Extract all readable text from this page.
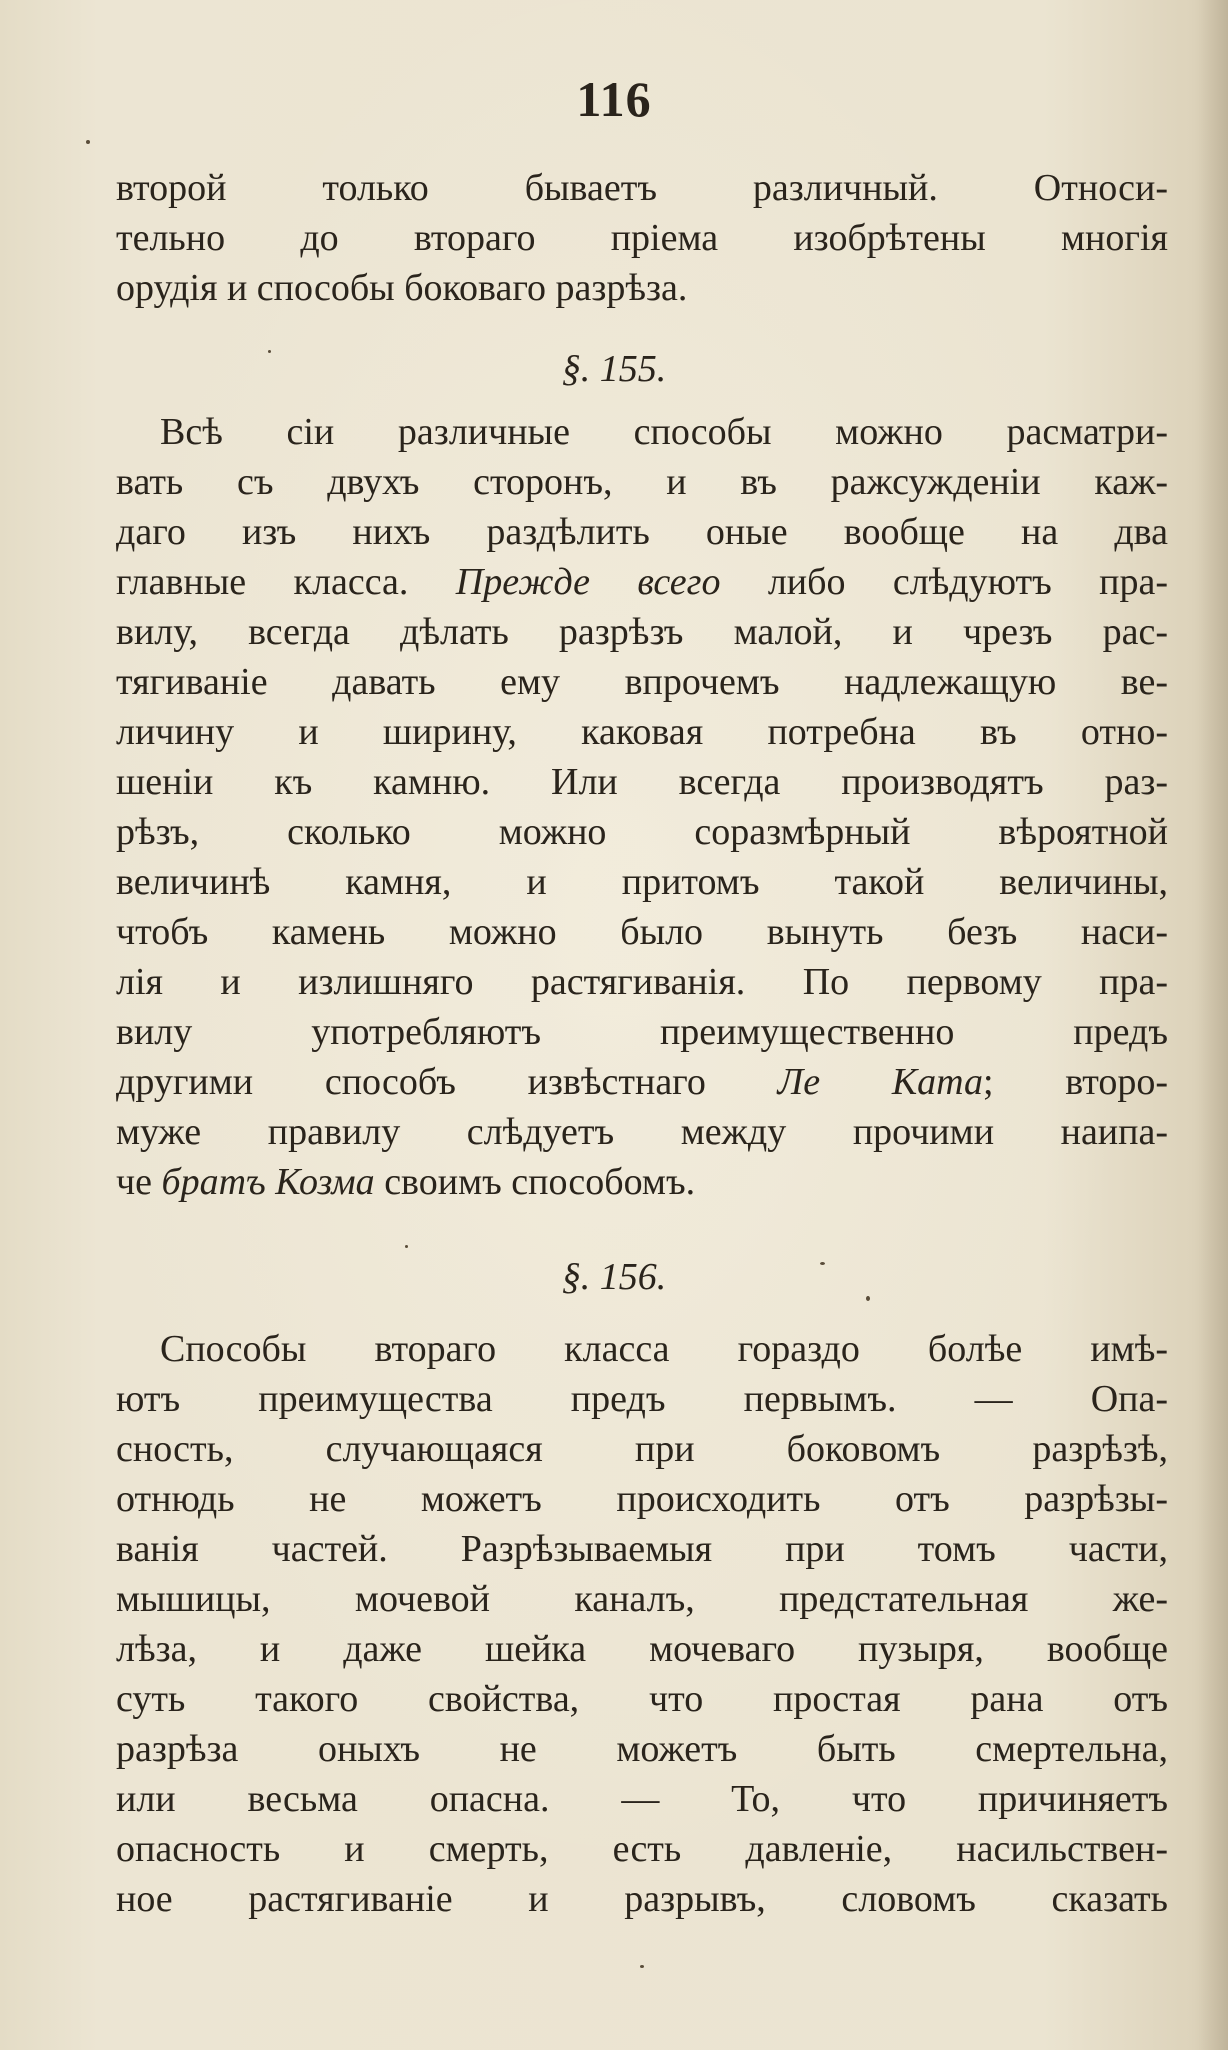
116
второй только бываетъ различный. Относи-
тельно до втораго прiема изобрѣтены многiя
орудiя и способы боковаго разрѣза.
§. 155.
Всѣ сiи различные способы можно расматри-
вать съ двухъ сторонъ, и въ ражсужденiи каж-
даго изъ нихъ раздѣлить оные вообще на два
главные класса. Прежде всего либо слѣдуютъ пра-
вилу, всегда дѣлать разрѣзъ малой, и чрезъ рас-
тягиванiе давать ему впрочемъ надлежащую ве-
личину и ширину, каковая потребна въ отно-
шенiи къ камню. Или всегда производятъ раз-
рѣзъ, сколько можно соразмѣрный вѣроятной
величинѣ камня, и притомъ такой величины,
чтобъ камень можно было вынуть безъ наси-
лiя и излишняго растягиванiя. По первому пра-
вилу употребляютъ преимущественно предъ
другими способъ извѣстнаго Ле Ката; второ-
муже правилу слѣдуетъ между прочими наипа-
че братъ Козма своимъ способомъ.
§. 156.
Способы втораго класса гораздо болѣе имѣ-
ютъ преимущества предъ первымъ. — Опа-
сность, случающаяся при боковомъ разрѣзѣ,
отнюдь не можетъ происходить отъ разрѣзы-
ванiя частей. Разрѣзываемыя при томъ части,
мышицы, мочевой каналъ, предстательная же-
лѣза, и даже шейка мочеваго пузыря, вообще
суть такого свойства, что простая рана отъ
разрѣза оныхъ не можетъ быть смертельна,
или весьма опасна. — То, что причиняетъ
опасность и смерть, есть давленiе, насильствен-
ное растягиванiе и разрывъ, словомъ сказать
